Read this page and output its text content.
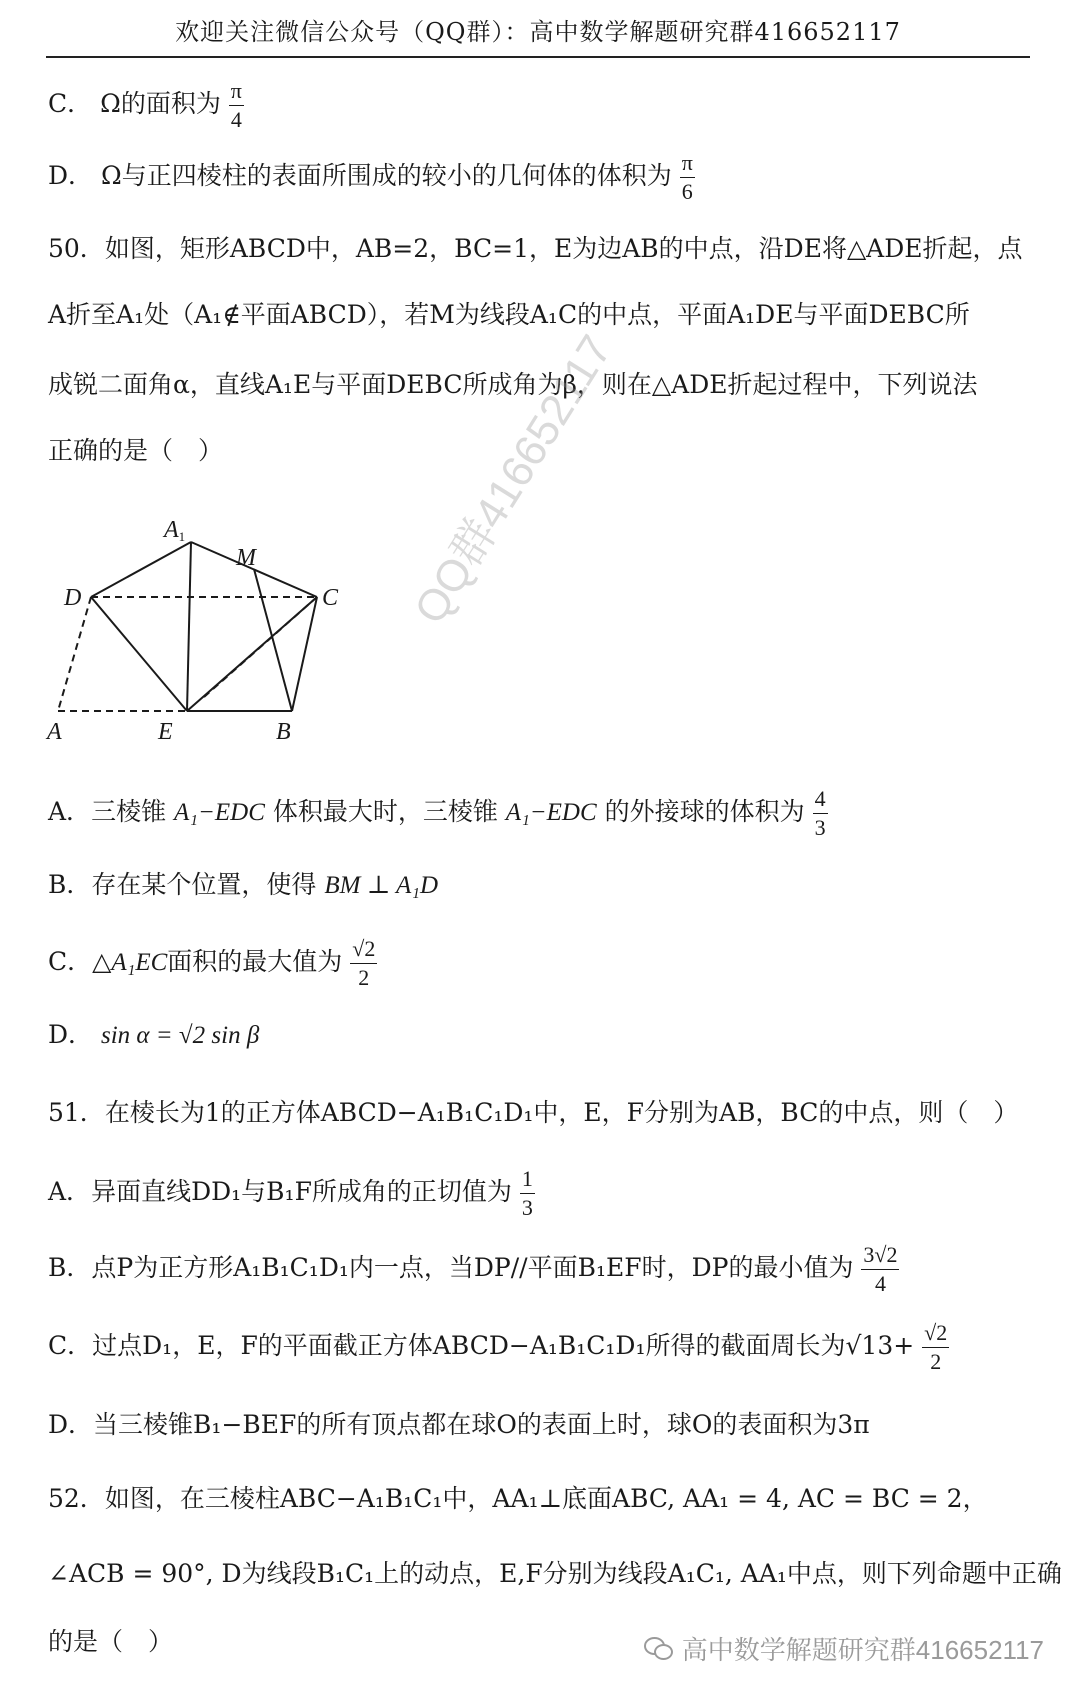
欢迎关注微信公众号（QQ群）：高中数学解题研究群416652117
C． Ω的面积为 $\frac{\pi}{4}$
D． Ω与正四棱柱的表面所围成的较小的几何体的体积为 $\frac{\pi}{6}$
50．如图，矩形ABCD中，AB=2，BC=1，E为边AB的中点，沿DE将△ADE折起，点
A折至A₁处（A₁∉平面ABCD），若M为线段A₁C的中点，平面A₁DE与平面DEBC所
成锐二面角α，直线A₁E与平面DEBC所成角为β，则在△ADE折起过程中，下列说法
正确的是（　）
A1
M
D	C
A	E	B
QQ群416652117
A．三棱锥 A₁−EDC 体积最大时，三棱锥 A₁−EDC 的外接球的体积为 $\frac{4}{3}$
B．存在某个位置，使得 BM ⊥ A₁D
C．△A₁EC面积的最大值为 $\frac{√2}{2}$
D． sin α = √2 sin β
51．在棱长为1的正方体ABCD−A₁B₁C₁D₁中，E，F分别为AB，BC的中点，则（　）
A．异面直线DD₁与B₁F所成角的正切值为 $\frac{1}{3}$
B．点P为正方形A₁B₁C₁D₁内一点，当DP//平面B₁EF时，DP的最小值为 $\frac{3√2}{4}$
C．过点D₁，E，F的平面截正方体ABCD−A₁B₁C₁D₁所得的截面周长为$√13+ \frac{√2}{2}$
D．当三棱锥B₁−BEF的所有顶点都在球O的表面上时，球O的表面积为3π
52．如图，在三棱柱ABC−A₁B₁C₁中，AA₁⊥底面ABC, AA₁ = 4, AC = BC = 2，
∠ACB = 90°, D为线段B₁C₁上的动点，E,F分别为线段A₁C₁, AA₁中点，则下列命题中正确
的是（　）	高中数学解题研究群416652117
